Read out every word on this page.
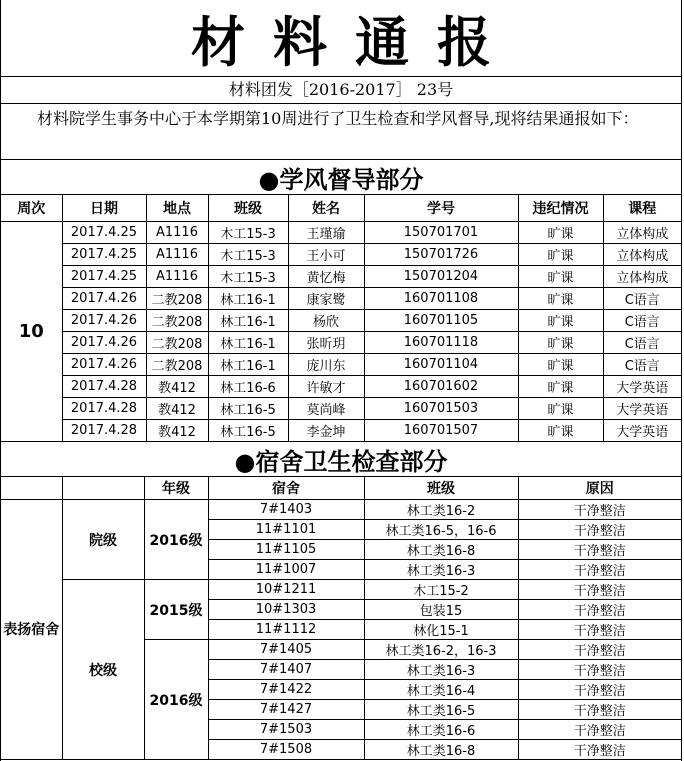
材料通报
材料团发［2016-2017］ 23号
材料院学生事务中心于本学期第10周进行了卫生检查和学风督导,现将结果通报如下：
●学风督导部分
周次	日期	地点	班级	姓名	学号	违纪情况	课程
10	2017.4.25	A1116	木工15-3	王瑾瑜	150701701	旷课	立体构成
	2017.4.25	A1116	木工15-3	王小可	150701726	旷课	立体构成
	2017.4.25	A1116	木工15-3	黄忆梅	150701204	旷课	立体构成
	2017.4.26	二教208	林工16-1	康家鹭	160701108	旷课	C语言
	2017.4.26	二教208	林工16-1	杨欣	160701105	旷课	C语言
	2017.4.26	二教208	林工16-1	张昕玥	160701118	旷课	C语言
	2017.4.26	二教208	林工16-1	庞川东	160701104	旷课	C语言
	2017.4.28	教412	林工16-6	许敏才	160701602	旷课	大学英语
	2017.4.28	教412	林工16-5	莫尚峰	160701503	旷课	大学英语
	2017.4.28	教412	林工16-5	李金坤	160701507	旷课	大学英语
●宿舍卫生检查部分
		年级	宿舍	班级	原因
表扬宿舍	院级	2016级	7#1403	林工类16-2	干净整洁
			11#1101	林工类16-5，16-6	干净整洁
			11#1105	林工类16-8	干净整洁
			11#1007	林工类16-3	干净整洁
	校级	2015级	10#1211	木工15-2	干净整洁
			10#1303	包装15	干净整洁
			11#1112	林化15-1	干净整洁
		2016级	7#1405	林工类16-2，16-3	干净整洁
			7#1407	林工类16-3	干净整洁
			7#1422	林工类16-4	干净整洁
			7#1427	林工类16-5	干净整洁
			7#1503	林工类16-6	干净整洁
			7#1508	林工类16-8	干净整洁
